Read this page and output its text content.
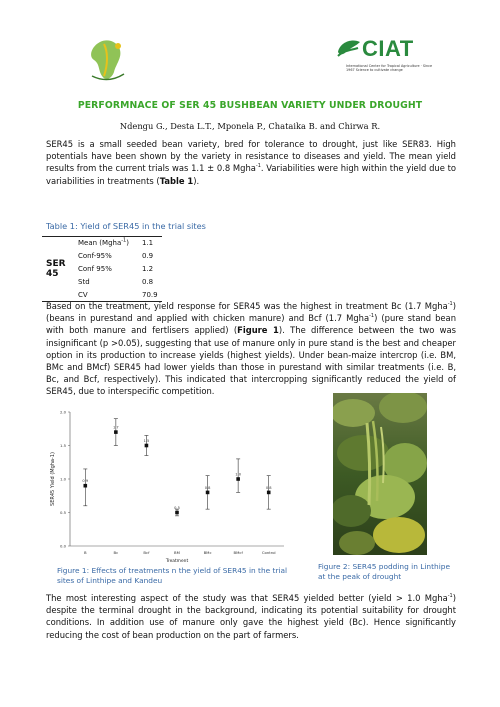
CIAT
International Center for Tropical Agriculture · Since 1967 Science to cultivate change
PERFORMNACE OF SER 45 BUSHBEAN VARIETY UNDER DROUGHT
Ndengu G., Desta L.T., Mponela P., Chataika B. and Chirwa R.
SER45 is a small seeded bean variety, bred for tolerance to drought, just like SER83. High potentials have been shown by the variety in resistance to diseases and yield. The mean yield results from the current trials was 1.1 ± 0.8 Mgha$^{-1}$. Variabilities were high within the yield due to variabilities in treatments (Table 1).
Table 1: Yield of SER45 in the trial sites
SER 45	Mean (Mgha$^{-1}$)	1.1
	Conf-95%	0.9
	Conf 95%	1.2
	Std	0.8
	CV	70.9
Based on the treatment, yield response for SER45 was the highest in treatment Bc (1.7 Mgha$^{-1}$) (beans in purestand and applied with chicken manure) and Bcf (1.7 Mgha$^{-1}$) (pure stand bean with both manure and fertlisers applied) (Figure 1). The difference between the two was insignificant (p >0.05), suggesting that use of manure only in pure stand is the best and cheaper option in its production to increase yields (highest yields). Under bean-maize intercrop (i.e. BM, BMc and BMcf) SER45 had lower yields than those in purestand with similar treatments (i.e. B, Bc, and Bcf, respectively). This indicated that intercropping significantly reduced the yield of SER45, due to interspecific competition.
2.0
1.5
1.0
0.5
0.0
SER45 Yield (Mgha-1)
B
0.9
Bc
1.7
Bcf
1.5
BM
0.5
BMc
0.8
BMcf
1.0
Control
0.8
Treatment
Figure 1: Effects of treatments n the yield of SER45 in the trial sites of Linthipe and Kandeu
Figure 2: SER45 podding in Linthipe at the peak of drought
The most interesting aspect of the study was that SER45 yielded better (yield > 1.0 Mgha$^{-1}$) despite the terminal drought in the background, indicating its potential suitability for drought conditions. In addition use of manure only gave the highest yield (Bc). Hence significantly reducing the cost of bean production on the part of farmers.
